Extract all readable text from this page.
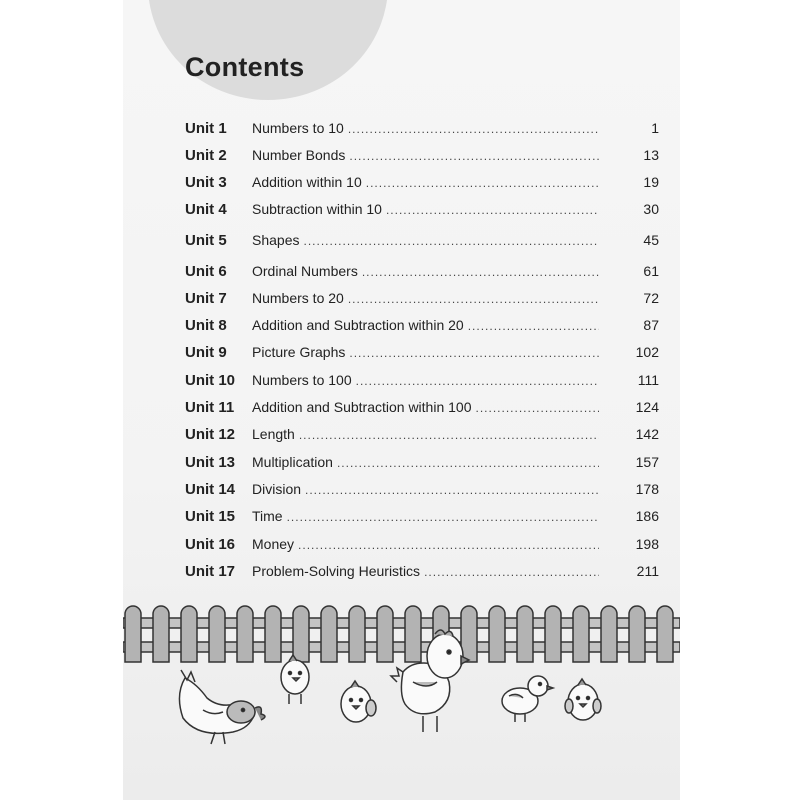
Contents
Unit 1	Numbers to 10 .....	1
Unit 2	Number Bonds .....	13
Unit 3	Addition within 10 .....	19
Unit 4	Subtraction within 10 .....	30
Unit 5	Shapes .....	45
Unit 6	Ordinal Numbers .....	61
Unit 7	Numbers to 20 .....	72
Unit 8	Addition and Subtraction within 20 .....	87
Unit 9	Picture Graphs .....	102
Unit 10	Numbers to 100 .....	111
Unit 11	Addition and Subtraction within 100 .....	124
Unit 12	Length .....	142
Unit 13	Multiplication .....	157
Unit 14	Division .....	178
Unit 15	Time .....	186
Unit 16	Money .....	198
Unit 17	Problem-Solving Heuristics .....	211
